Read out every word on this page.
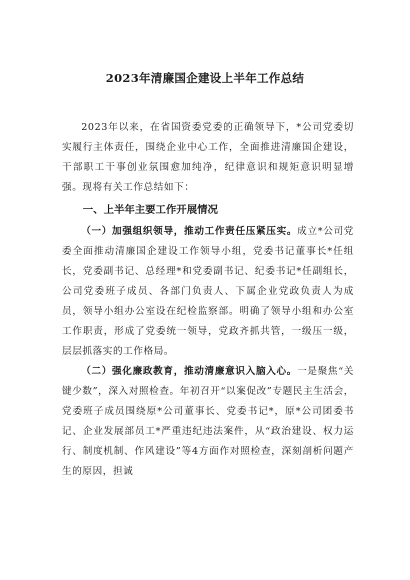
2023年清廉国企建设上半年工作总结

2023年以来，在省国资委党委的正确领导下，*公司党委切实履行主体责任，围绕企业中心工作，全面推进清廉国企建设，干部职工干事创业氛围愈加纯净，纪律意识和规矩意识明显增强。现将有关工作总结如下：

一、上半年主要工作开展情况

（一）加强组织领导，推动工作责任压紧压实。成立*公司党委全面推动清廉国企建设工作领导小组，党委书记董事长*任组长，党委副书记、总经理*和党委副书记、纪委书记*任副组长，公司党委班子成员、各部门负责人、下属企业党政负责人为成员，领导小组办公室设在纪检监察部。明确了领导小组和办公室工作职责，形成了党委统一领导，党政齐抓共管，一级压一级，层层抓落实的工作格局。

（二）强化廉政教育，推动清廉意识入脑入心。一是聚焦“关键少数”，深入对照检查。年初召开“以案促改”专题民主生活会，党委班子成员围绕原*公司董事长、党委书记*，原*公司团委书记、企业发展部员工*严重违纪违法案件，从“政治建设、权力运行、制度机制、作风建设”等4方面作对照检查，深刻剖析问题产生的原因，担诚
